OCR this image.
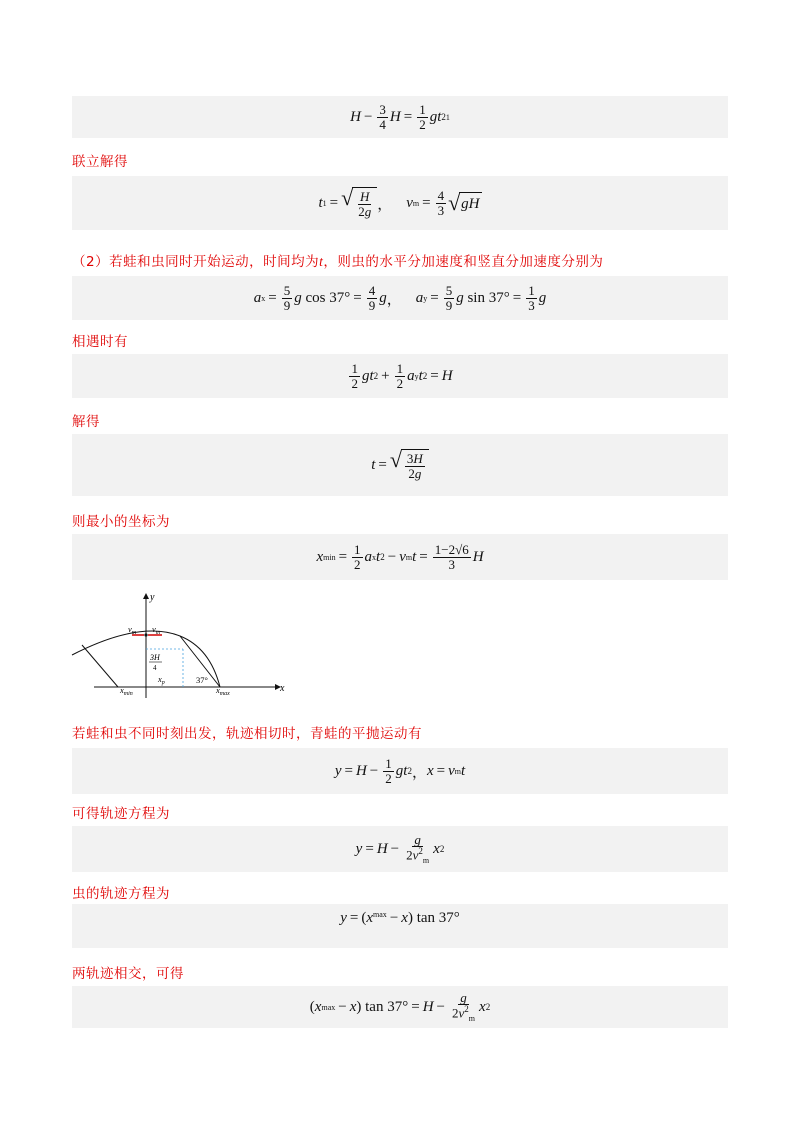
$H - \frac{3}{4}$ $H = \frac{1}{2}$ gt 2 1
联立解得
t 1 = √ $\frac{H}{2g}$ ， v $m = \frac{4}{3}$ √ gH
（2）若蛙和虫同时开始运动，时间均为t，则虫的水平分加速度和竖直分加速度分别为
a $x = \frac{5}{9}$ g $\cos 37^\circ = \frac{4}{9}$ g ， a $y = \frac{5}{9}$ g $\sin 37^\circ = \frac{1}{3}$ g
相遇时有
$\frac{1}{2}$ gt $2 + \frac{1}{2}$ a y t 2 = H
解得
t = √ $\frac{3H}{2g}$
则最小的坐标为
x $\min = \frac{1}{2}$ a x t 2 − v m $t = \frac{1-2√6}{3}$ H
y
x
$v_m$ $v_m$
3H
4
$x_p$	37°
$x_{min}$	$x_{max}$
若蛙和虫不同时刻出发，轨迹相切时，青蛙的平抛运动有
$y = H - \frac{1}{2}$ gt 2 ， x = v m t
可得轨迹方程为
$y = H - \frac{g}{2v^2_m}$ x 2
虫的轨迹方程为
y = ( $x^{max} - x$ ) tan 37°
两轨迹相交，可得
( x max − x ) $\tan 37^\circ = H - \frac{g}{2v^2_m}$ x 2
